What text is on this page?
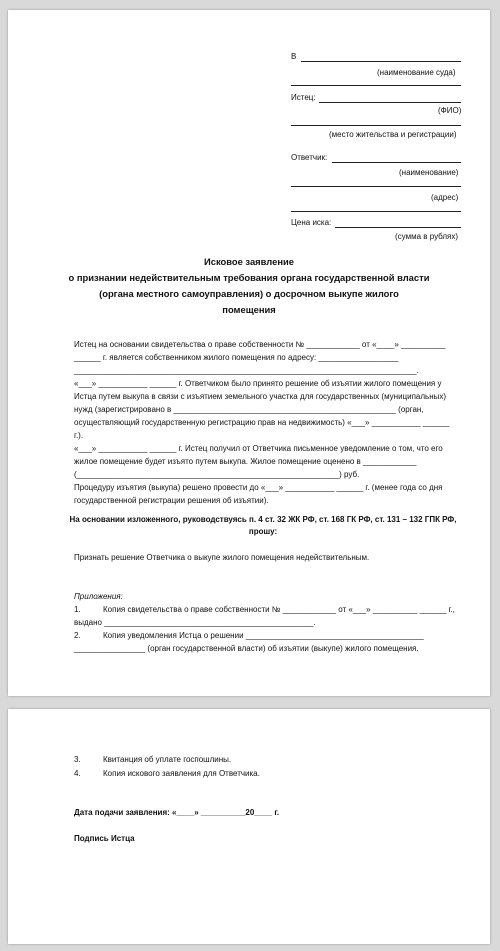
В
(наименование суда)
Истец:
(ФИО)
(место жительства и регистрации)
Ответчик:
(наименование)
(адрес)
Цена иска:
(сумма в рублях)
Исковое заявление
о признании недействительным требования органа государственной власти
(органа местного самоуправления) о досрочном выкупе жилого
помещения

Истец на основании свидетельства о праве собственности № ____________ от «____» __________

______ г. является собственником жилого помещения по адресу: __________________

_____________________________________________________________________________.

«___» ___________ ______ г. Ответчиком было принято решение об изъятии жилого помещения у

Истца путем выкупа в связи с изъятием земельного участка для государственных (муниципальных)

нужд (зарегистрировано в __________________________________________________ (орган,

осуществляющий государственную регистрацию прав на недвижимость) «___» ___________ ______

г.).

«___» ___________ ______ г. Истец получил от Ответчика письменное уведомление о том, что его

жилое помещение будет изъято путем выкупа. Жилое помещение оценено в ____________

(___________________________________________________________) руб.

Процедуру изъятия (выкупа) решено провести до «___» ___________ ______ г. (менее года со дня

государственной регистрации решения об изъятии).

На основании изложенного, руководствуясь п. 4 ст. 32 ЖК РФ, ст. 168 ГК РФ, ст. 131 – 132 ГПК РФ,
прошу:
Признать решение Ответчика о выкупе жилого помещения недействительным.
Приложения:
1.	Копия свидетельства о праве собственности № ____________ от «___» __________ ______ г.,
выдано _______________________________________________.
2.	Копия уведомления Истца о решении ________________________________________
________________ (орган государственной власти) об изъятии (выкупе) жилого помещения.
3.	Квитанция об уплате госпошлины.
4.	Копия искового заявления для Ответчика.
Дата подачи заявления: «____» __________20____ г.
Подпись Истца
